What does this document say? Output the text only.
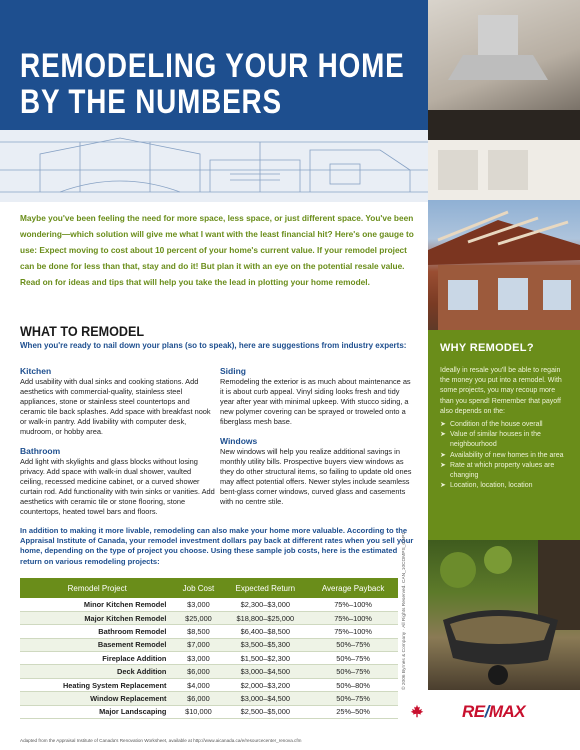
REMODELING YOUR HOME
BY THE NUMBERS
Maybe you've been feeling the need for more space, less space, or just different space. You've been wondering—which solution will give me what I want with the least financial hit? Here's one gauge to use: Expect moving to cost about 10 percent of your home's current value. If your remodel project can be done for less than that, stay and do it! But plan it with an eye on the potential resale value. Read on for ideas and tips that will help you take the lead in plotting your home remodel.
WHAT TO REMODEL
When you're ready to nail down your plans (so to speak), here are suggestions from industry experts:
Kitchen

Add usability with dual sinks and cooking stations. Add aesthetics with commercial-quality, stainless steel appliances, stone or stainless steel countertops and ceramic tile back splashes. Add space with breakfast nook or walk-in pantry. Add livability with computer desk, mudroom, or hobby area.

Bathroom

Add light with skylights and glass blocks without losing privacy. Add space with walk-in dual shower, vaulted ceiling, recessed medicine cabinet, or a curved shower curtain rod. Add functionality with twin sinks or vanities. Add aesthetics with ceramic tile or stone flooring, stone countertops, heated towel bars and floors.

Siding

Remodeling the exterior is as much about maintenance as it is about curb appeal. Vinyl siding looks fresh and tidy year after year with minimal upkeep. With stucco siding, a new polymer covering can be sprayed or troweled onto a fiberglass mesh base.

Windows

New windows will help you realize additional savings in monthly utility bills. Prospective buyers view windows as they do other structural items, so failing to update old ones may affect potential offers. Newer styles include seamless bent-glass corner windows, curved glass and casements with no centre stile.

In addition to making it more livable, remodeling can also make your home more valuable. According to the Appraisal Institute of Canada, your remodel investment dollars pay back at different rates when you sell your home, depending on the type of project you choose. Using these sample job costs, here is the estimated return on various remodeling projects:
Remodel Project	Job Cost	Expected Return	Average Payback
Minor Kitchen Remodel	$3,000	$2,300–$3,000	75%–100%
Major Kitchen Remodel	$25,000	$18,800–$25,000	75%–100%
Bathroom Remodel	$8,500	$6,400–$8,500	75%–100%
Basement Remodel	$7,000	$3,500–$5,300	50%–75%
Fireplace Addition	$3,000	$1,500–$2,300	50%–75%
Deck Addition	$6,000	$3,000–$4,500	50%–75%
Heating System Replacement	$4,000	$2,000–$3,200	50%–80%
Window Replacement	$6,000	$3,000–$4,500	50%–75%
Major Landscaping	$10,000	$2,500–$5,000	25%–50%
Adapted from the Appraisal Institute of Canada's Renovation Worksheet, available at http://www.aicanada.ca/e/resourcecenter_renova.cfm
WHY REMODEL?

Ideally in resale you'll be able to regain the money you put into a remodel. With some projects, you may recoup more than you spend! Remember that payoff also depends on the:

➤ Condition of the house overall
➤ Value of similar houses in the neighbourhood
➤ Availability of new homes in the area
➤ Rate at which property values are changing
➤ Location, location, location
© 2006 Byrnes & Company · All Rights Reserved. CAN_10COMPS_CAP1
RE/MAX
